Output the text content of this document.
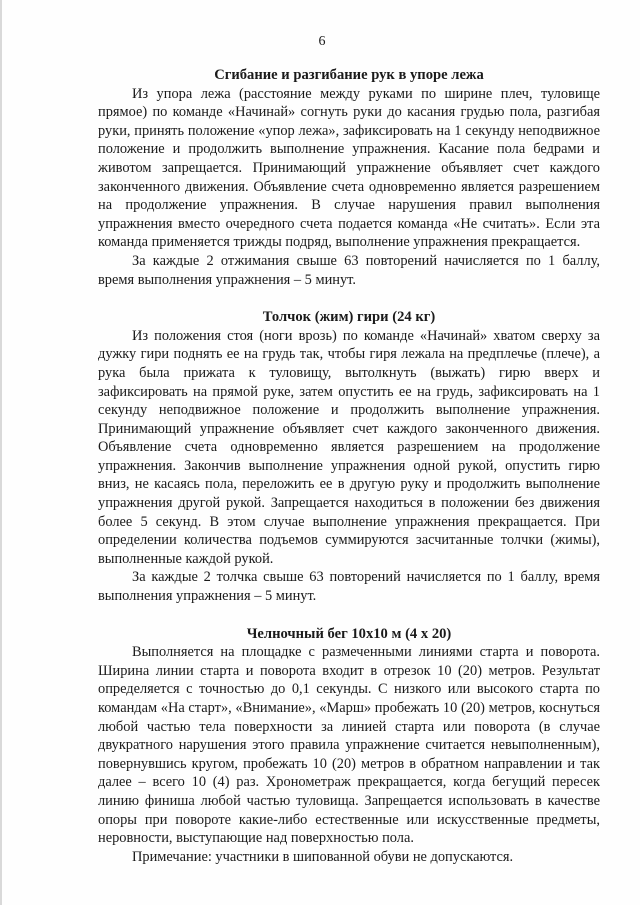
6
Сгибание и разгибание рук в упоре лежа

Из упора лежа (расстояние между руками по ширине плеч, туловище прямое) по команде «Начинай» согнуть руки до касания грудью пола, разгибая руки, принять положение «упор лежа», зафиксировать на 1 секунду неподвижное положение и продолжить выполнение упражнения. Касание пола бедрами и животом запрещается. Принимающий упражнение объявляет счет каждого законченного движения. Объявление счета одновременно является разрешением на продолжение упражнения. В случае нарушения правил выполнения упражнения вместо очередного счета подается команда «Не считать». Если эта команда применяется трижды подряд, выполнение упражнения прекращается.

За каждые 2 отжимания свыше 63 повторений начисляется по 1 баллу, время выполнения упражнения – 5 минут.

Толчок (жим) гири (24 кг)

Из положения стоя (ноги врозь) по команде «Начинай» хватом сверху за дужку гири поднять ее на грудь так, чтобы гиря лежала на предплечье (плече), а рука была прижата к туловищу, вытолкнуть (выжать) гирю вверх и зафиксировать на прямой руке, затем опустить ее на грудь, зафиксировать на 1 секунду неподвижное положение и продолжить выполнение упражнения. Принимающий упражнение объявляет счет каждого законченного движения. Объявление счета одновременно является разрешением на продолжение упражнения. Закончив выполнение упражнения одной рукой, опустить гирю вниз, не касаясь пола, переложить ее в другую руку и продолжить выполнение упражнения другой рукой. Запрещается находиться в положении без движения более 5 секунд. В этом случае выполнение упражнения прекращается. При определении количества подъемов суммируются засчитанные толчки (жимы), выполненные каждой рукой.

За каждые 2 толчка свыше 63 повторений начисляется по 1 баллу, время выполнения упражнения – 5 минут.

Челночный бег 10х10 м (4 х 20)

Выполняется на площадке с размеченными линиями старта и поворота. Ширина линии старта и поворота входит в отрезок 10 (20) метров. Результат определяется с точностью до 0,1 секунды. С низкого или высокого старта по командам «На старт», «Внимание», «Марш» пробежать 10 (20) метров, коснуться любой частью тела поверхности за линией старта или поворота (в случае двукратного нарушения этого правила упражнение считается невыполненным), повернувшись кругом, пробежать 10 (20) метров в обратном направлении и так далее – всего 10 (4) раз. Хронометраж прекращается, когда бегущий пересек линию финиша любой частью туловища. Запрещается использовать в качестве опоры при повороте какие-либо естественные или искусственные предметы, неровности, выступающие над поверхностью пола.

Примечание: участники в шипованной обуви не допускаются.
